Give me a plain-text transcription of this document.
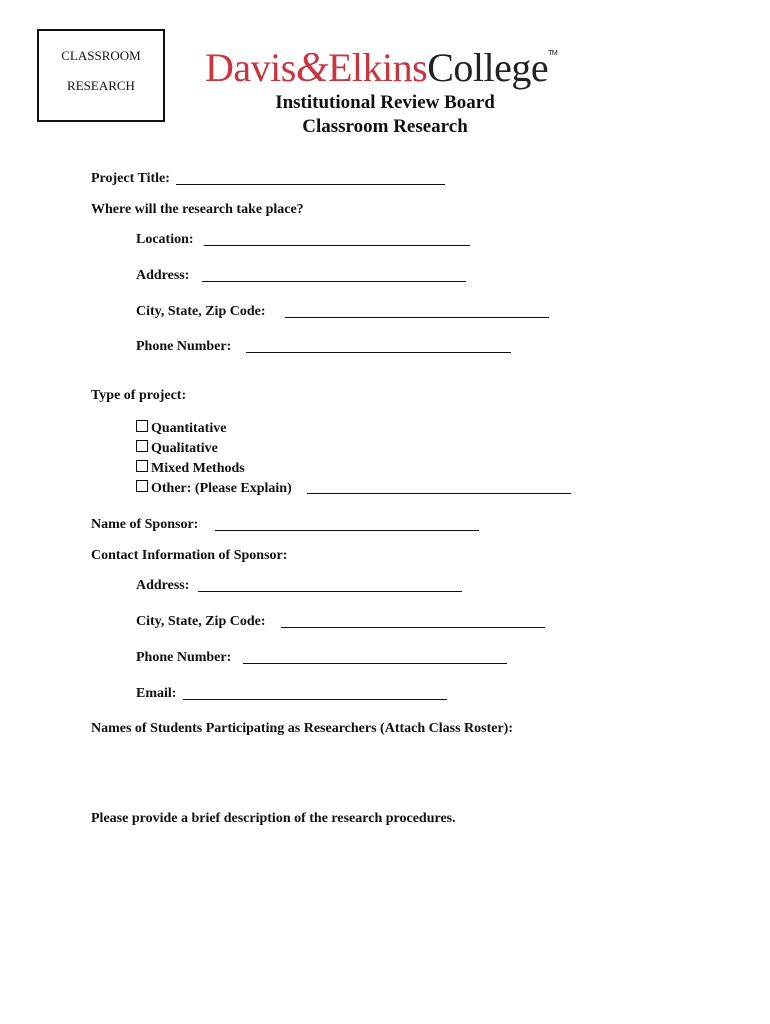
CLASSROOM
RESEARCH	Davis&ElkinsCollege™
Institutional Review Board
Classroom Research
Project Title:
Where will the research take place?
Location:
Address:
City, State, Zip Code:
Phone Number:
Type of project:
Quantitative
Qualitative
Mixed Methods
Other: (Please Explain)
Name of Sponsor:
Contact Information of Sponsor:
Address:
City, State, Zip Code:
Phone Number:
Email:
Names of Students Participating as Researchers (Attach Class Roster):
Please provide a brief description of the research procedures.
